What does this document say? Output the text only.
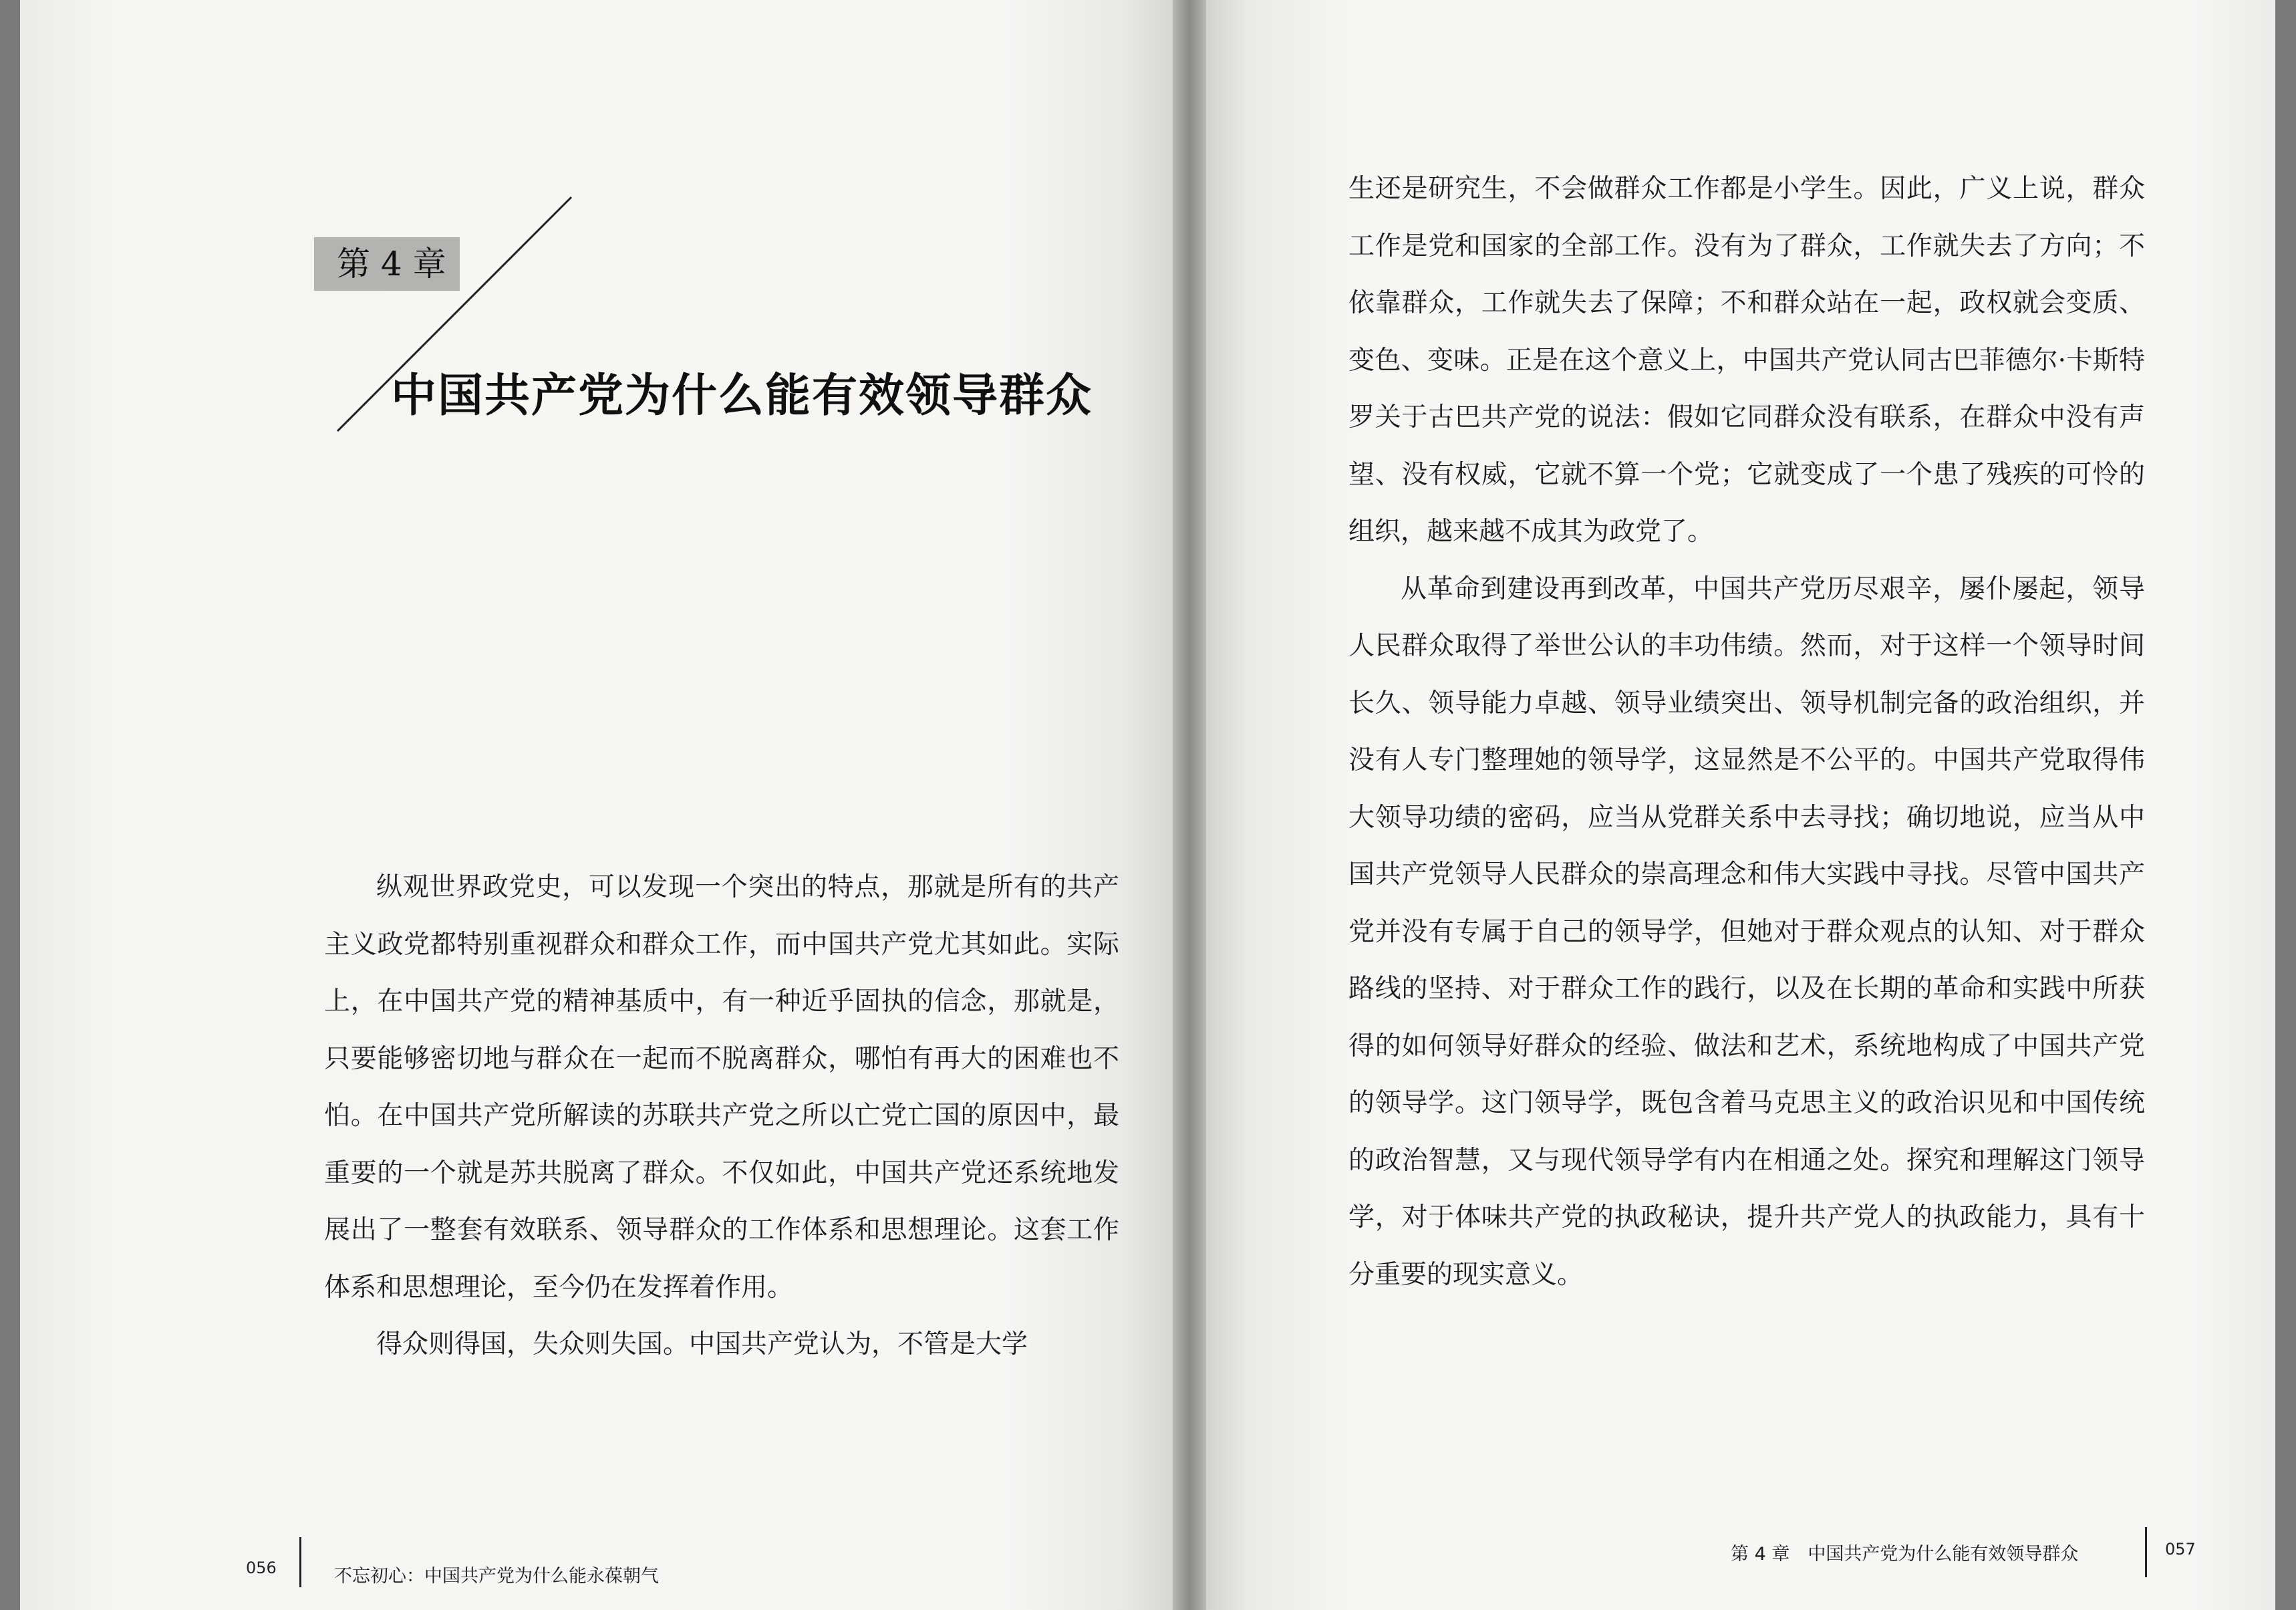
第 4 章
中国共产党为什么能有效领导群众

纵观世界政党史，可以发现一个突出的特点，那就是所有的共产主义政党都特别重视群众和群众工作，而中国共产党尤其如此。实际上，在中国共产党的精神基质中，有一种近乎固执的信念，那就是，只要能够密切地与群众在一起而不脱离群众，哪怕有再大的困难也不怕。在中国共产党所解读的苏联共产党之所以亡党亡国的原因中，最重要的一个就是苏共脱离了群众。不仅如此，中国共产党还系统地发展出了一整套有效联系、领导群众的工作体系和思想理论。这套工作体系和思想理论，至今仍在发挥着作用。

得众则得国，失众则失国。中国共产党认为，不管是大学

056	不忘初心：中国共产党为什么能永葆朝气

生还是研究生，不会做群众工作都是小学生。因此，广义上说，群众工作是党和国家的全部工作。没有为了群众，工作就失去了方向；不依靠群众，工作就失去了保障；不和群众站在一起，政权就会变质、变色、变味。正是在这个意义上，中国共产党认同古巴菲德尔·卡斯特罗关于古巴共产党的说法：假如它同群众没有联系，在群众中没有声望、没有权威，它就不算一个党；它就变成了一个患了残疾的可怜的组织，越来越不成其为政党了。

从革命到建设再到改革，中国共产党历尽艰辛，屡仆屡起，领导人民群众取得了举世公认的丰功伟绩。然而，对于这样一个领导时间长久、领导能力卓越、领导业绩突出、领导机制完备的政治组织，并没有人专门整理她的领导学，这显然是不公平的。中国共产党取得伟大领导功绩的密码，应当从党群关系中去寻找；确切地说，应当从中国共产党领导人民群众的崇高理念和伟大实践中寻找。尽管中国共产党并没有专属于自己的领导学，但她对于群众观点的认知、对于群众路线的坚持、对于群众工作的践行，以及在长期的革命和实践中所获得的如何领导好群众的经验、做法和艺术，系统地构成了中国共产党的领导学。这门领导学，既包含着马克思主义的政治识见和中国传统的政治智慧，又与现代领导学有内在相通之处。探究和理解这门领导学，对于体味共产党的执政秘诀，提升共产党人的执政能力，具有十分重要的现实意义。

第 4 章　中国共产党为什么能有效领导群众	057
